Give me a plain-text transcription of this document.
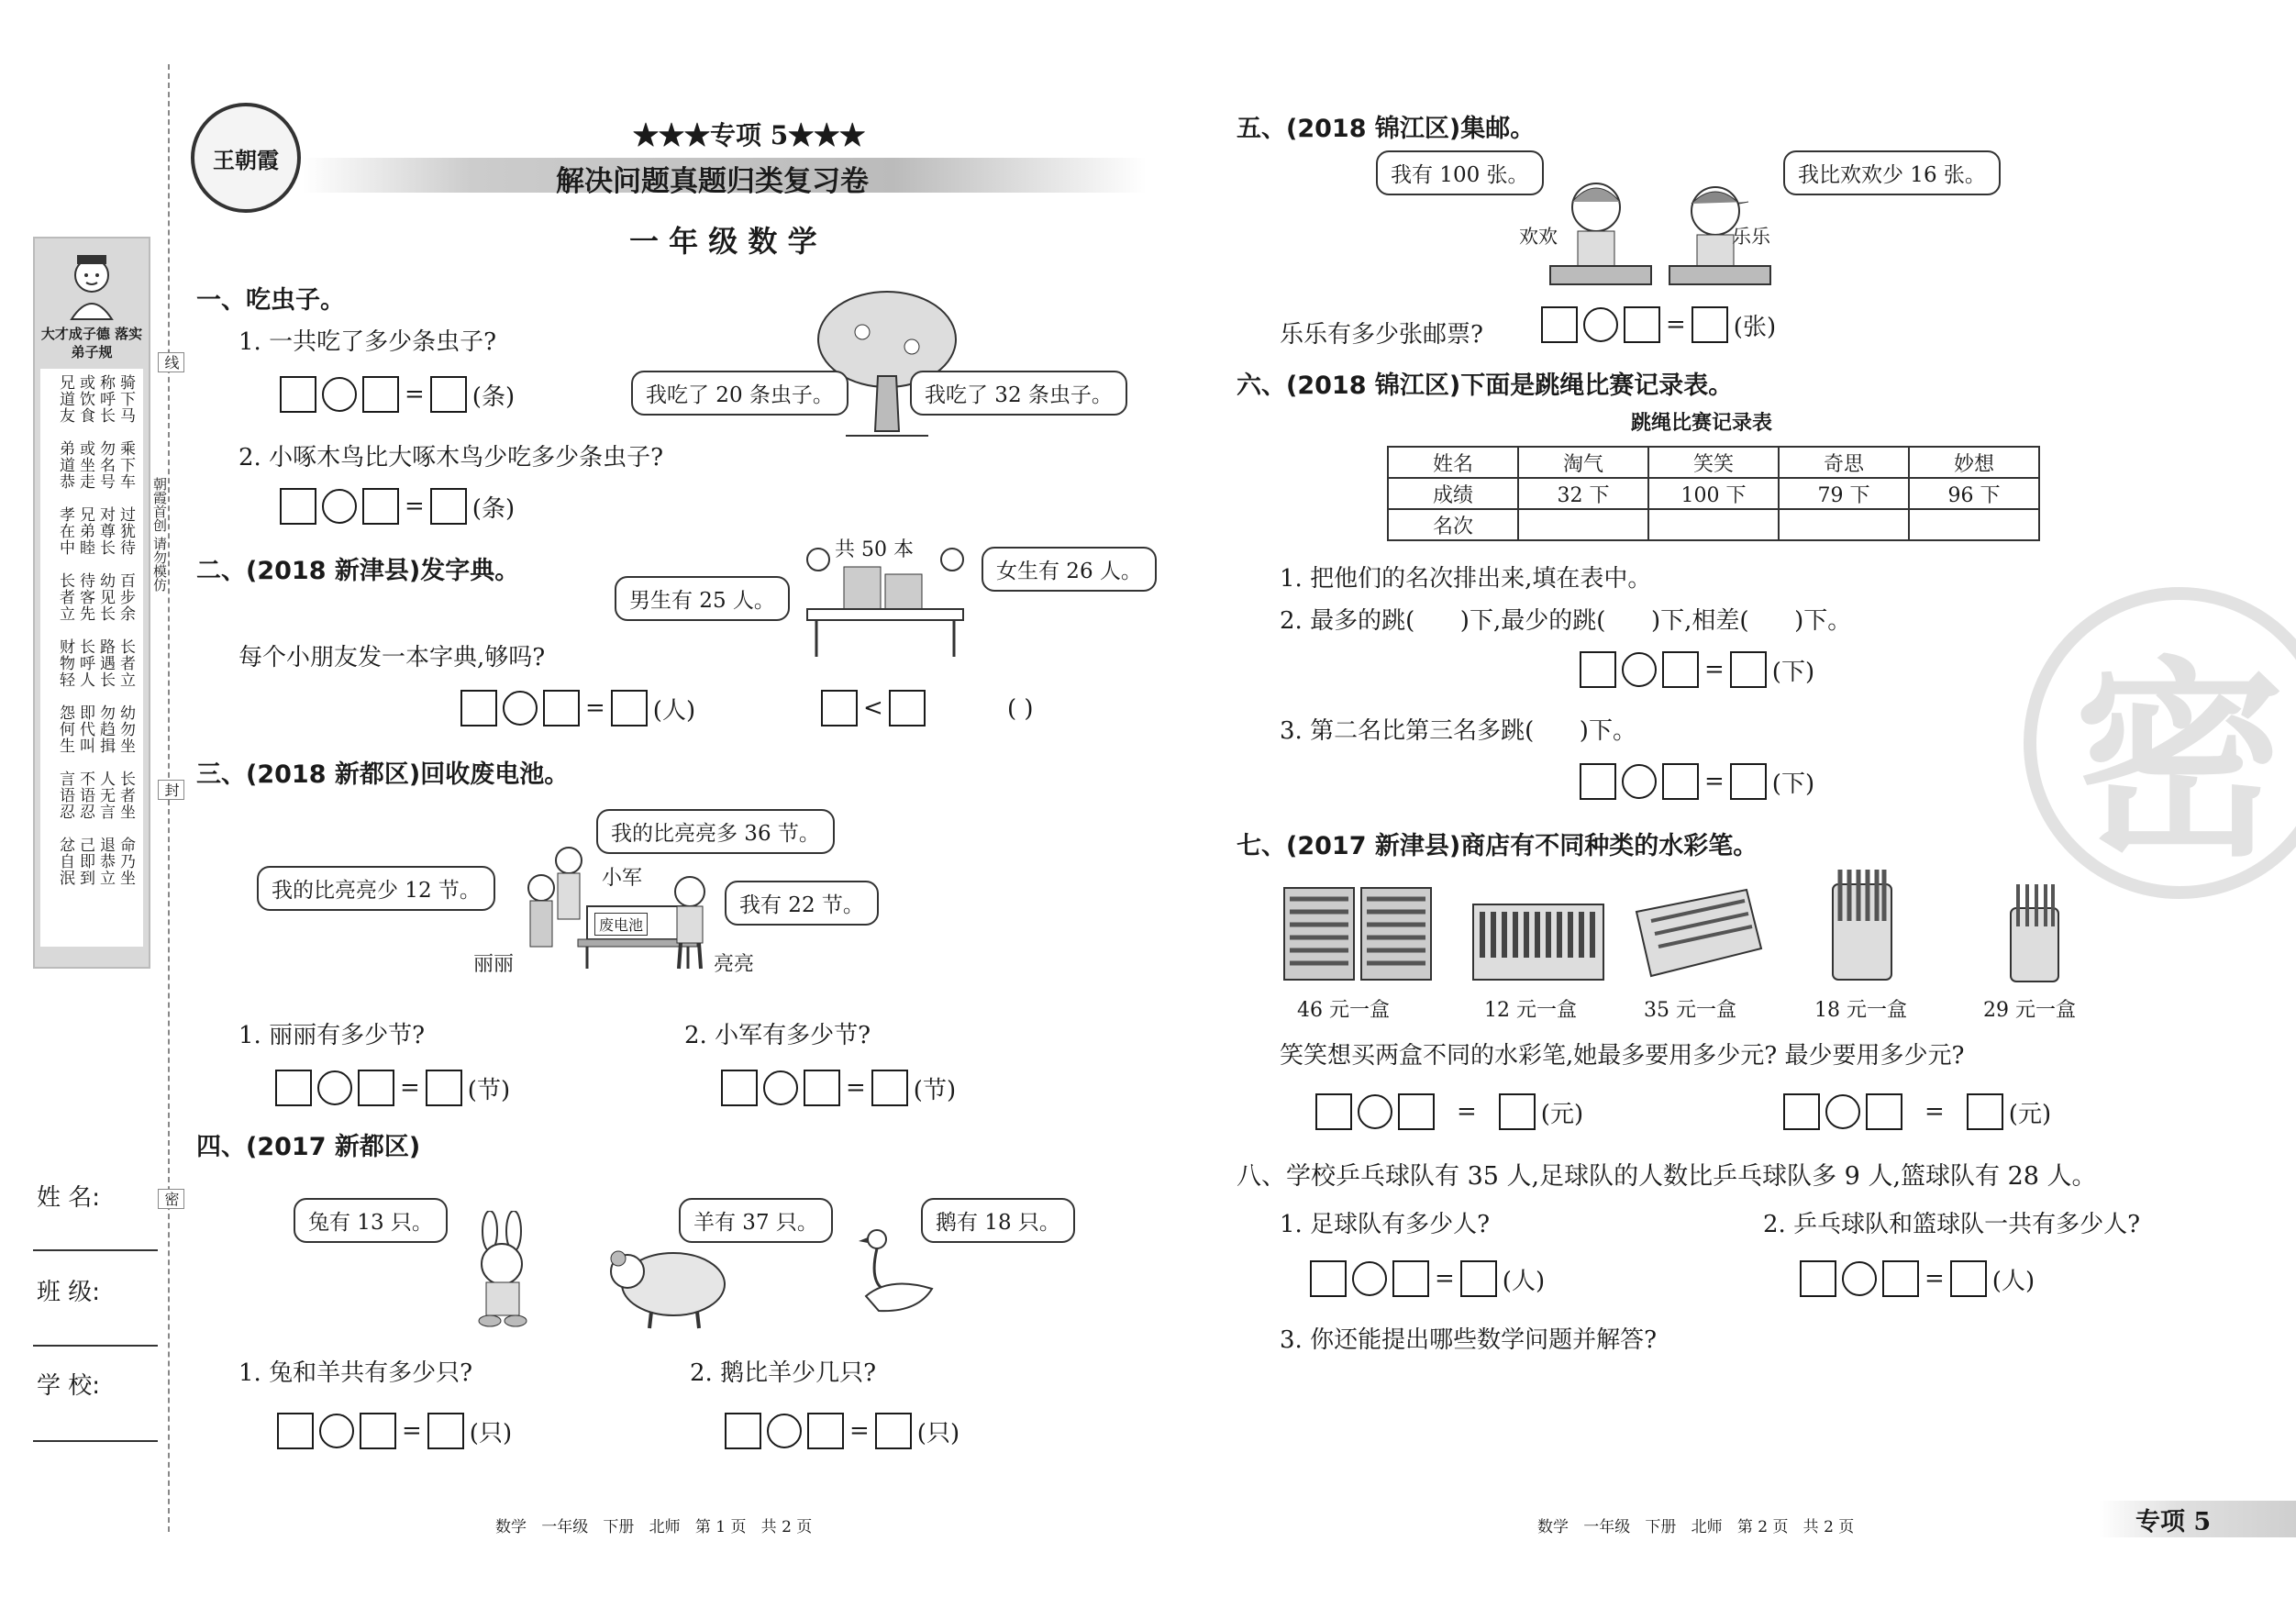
大才成子德 落实弟子规
骑下马
称呼长
或饮食
兄道友
乘下车
勿名号
或坐走
弟道恭
过犹待
对尊长
兄弟睦
孝在中
百步余
幼见长
待客先
长者立
长者立
路遇长
长呼人
财物轻
幼勿坐
勿趋揖
即代叫
怨何生
长者坐
人无言
不语忍
言语忍
命乃坐
退恭立
己即到
忿自泯
线
朝霞首创 请勿模仿
封
密
姓 名:
班 级:
学 校:
王朝霞
★★★专项 5★★★
解决问题真题归类复习卷
一 年 级 数 学
一、吃虫子。
1. 一共吃了多少条虫子?
= (条)
2. 小啄木鸟比大啄木鸟少吃多少条虫子?
= (条)
我吃了 20 条虫子。	我吃了 32 条虫子。
二、(2018 新津县)发字典。
男生有 25 人。
女生有 26 人。
共 50 本
每个小朋友发一本字典,够吗?
= (人)	<	( )
三、(2018 新都区)回收废电池。
我的比亮亮多 36 节。
我的比亮亮少 12 节。
我有 22 节。
废电池
小军
丽丽	亮亮
1. 丽丽有多少节?	2. 小军有多少节?
= (节)	= (节)
四、(2017 新都区)
兔有 13 只。	羊有 37 只。	鹅有 18 只。
1. 兔和羊共有多少只?	2. 鹅比羊少几只?
= (只)	= (只)
数学   一年级   下册   北师   第 1 页   共 2 页
密
五、(2018 锦江区)集邮。
我有 100 张。	我比欢欢少 16 张。
欢欢	乐乐
乐乐有多少张邮票?	= (张)
六、(2018 锦江区)下面是跳绳比赛记录表。
跳绳比赛记录表
姓名	淘气	笑笑	奇思	妙想
成绩	32 下	100 下	79 下	96 下
名次				
1. 把他们的名次排出来,填在表中。
2. 最多的跳(      )下,最少的跳(      )下,相差(      )下。
= (下)
3. 第二名比第三名多跳(      )下。
= (下)
七、(2017 新津县)商店有不同种类的水彩笔。
46 元一盒	12 元一盒	35 元一盒	18 元一盒	29 元一盒
笑笑想买两盒不同的水彩笔,她最多要用多少元? 最少要用多少元?
=	(元)	=	(元)
八、学校乒乓球队有 35 人,足球队的人数比乒乓球队多 9 人,篮球队有 28 人。
1. 足球队有多少人?	2. 乒乓球队和篮球队一共有多少人?
= (人)	= (人)
3. 你还能提出哪些数学问题并解答?
数学   一年级   下册   北师   第 2 页   共 2 页	专项 5
